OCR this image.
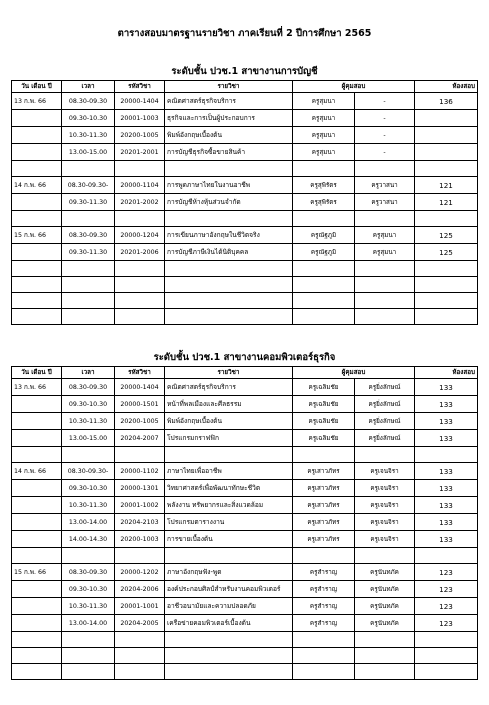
ตารางสอบมาตรฐานรายวิชา ภาคเรียนที่ 2 ปีการศึกษา 2565
ระดับชั้น ปวช.1 สาขางานการบัญชี
วัน เดือน ปี	เวลา	รหัสวิชา	รายวิชา	ผู้คุมสอบ		ห้องสอบ
13 ก.พ. 66	08.30-09.30	20000-1404	คณิตศาสตร์ธุรกิจบริการ	ครูสุมนา	-	136
	09.30-10.30	20001-1003	ธุรกิจและการเป็นผู้ประกอบการ	ครูสุมนา	-	
	10.30-11.30	20200-1005	พิมพ์อังกฤษเบื้องต้น	ครูสุมนา	-	
	13.00-15.00	20201-2001	การบัญชีธุรกิจซื้อขายสินค้า	ครูสุมนา	-	

14 ก.พ. 66	08.30-09.30-	20000-1104	การพูดภาษาไทยในงานอาชีพ	ครูสุพิรัตร	ครูวาสนา	121
	09.30-11.30	20201-2002	การบัญชีห้างหุ้นส่วนจำกัด	ครูสุพิรัตร	ครูวาสนา	121

15 ก.พ. 66	08.30-09.30	20000-1204	การเขียนภาษาอังกฤษในชีวิตจริง	ครูณัฐภูมิ	ครูสุมนา	125
	09.30-11.30	20201-2006	การบัญชีภาษีเงินได้นิติบุคคล	ครูณัฐภูมิ	ครูสุมนา	125

ระดับชั้น ปวช.1 สาขางานคอมพิวเตอร์ธุรกิจ
วัน เดือน ปี	เวลา	รหัสวิชา	รายวิชา	ผู้คุมสอบ		ห้องสอบ
13 ก.พ. 66	08.30-09.30	20000-1404	คณิตศาสตร์ธุรกิจบริการ	ครูเฉลิมชัย	ครูยิ่งลักษณ์	133
	09.30-10.30	20000-1501	หน้าที่พลเมืองและศีลธรรม	ครูเฉลิมชัย	ครูยิ่งลักษณ์	133
	10.30-11.30	20200-1005	พิมพ์อังกฤษเบื้องต้น	ครูเฉลิมชัย	ครูยิ่งลักษณ์	133
	13.00-15.00	20204-2007	โปรแกรมกราฟฟิก	ครูเฉลิมชัย	ครูยิ่งลักษณ์	133

14 ก.พ. 66	08.30-09.30-	20000-1102	ภาษาไทยเพื่ออาชีพ	ครูเสาวภัทร	ครูเจนจิรา	133
	09.30-10.30	20000-1301	วิทยาศาสตร์เพื่อพัฒนาทักษะชีวิต	ครูเสาวภัทร	ครูเจนจิรา	133
	10.30-11.30	20001-1002	พลังงาน ทรัพยากรและสิ่งแวดล้อม	ครูเสาวภัทร	ครูเจนจิรา	133
	13.00-14.00	20204-2103	โปรแกรมตารางงาน	ครูเสาวภัทร	ครูเจนจิรา	133
	14.00-14.30	20200-1003	การขายเบื้องต้น	ครูเสาวภัทร	ครูเจนจิรา	133

15 ก.พ. 66	08.30-09.30	20000-1202	ภาษาอังกฤษฟัง-พูด	ครูสำราญ	ครูนันทภัค	123
	09.30-10.30	20204-2006	องค์ประกอบศิลป์สำหรับงานคอมพิวเตอร์	ครูสำราญ	ครูนันทภัค	123
	10.30-11.30	20001-1001	อาชีวอนามัยและความปลอดภัย	ครูสำราญ	ครูนันทภัค	123
	13.00-14.00	20204-2005	เครือข่ายคอมพิวเตอร์เบื้องต้น	ครูสำราญ	ครูนันทภัค	123
